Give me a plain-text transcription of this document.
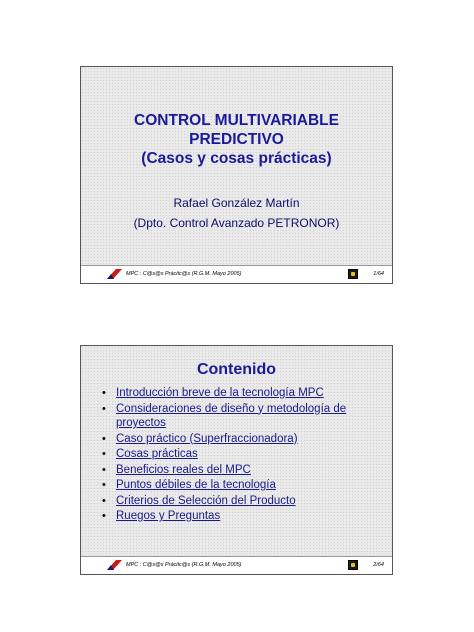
CONTROL MULTIVARIABLE
PREDICTIVO
(Casos y cosas prácticas)
Rafael González Martín
(Dpto. Control Avanzado PETRONOR)
MPC : C@s@s Prácitc@s (R.G.M. Mayo 2005)	1/64
Contenido
• Introducción breve de la tecnología MPC
• Consideraciones de diseño y metodología de proyectos
• Caso práctico (Superfraccionadora)
• Cosas prácticas
• Beneficios reales del MPC
• Puntos débiles de la tecnología
• Criterios de Selección del Producto
• Ruegos y Preguntas
MPC : C@s@s Prácitc@s (R.G.M. Mayo 2005)	2/64
